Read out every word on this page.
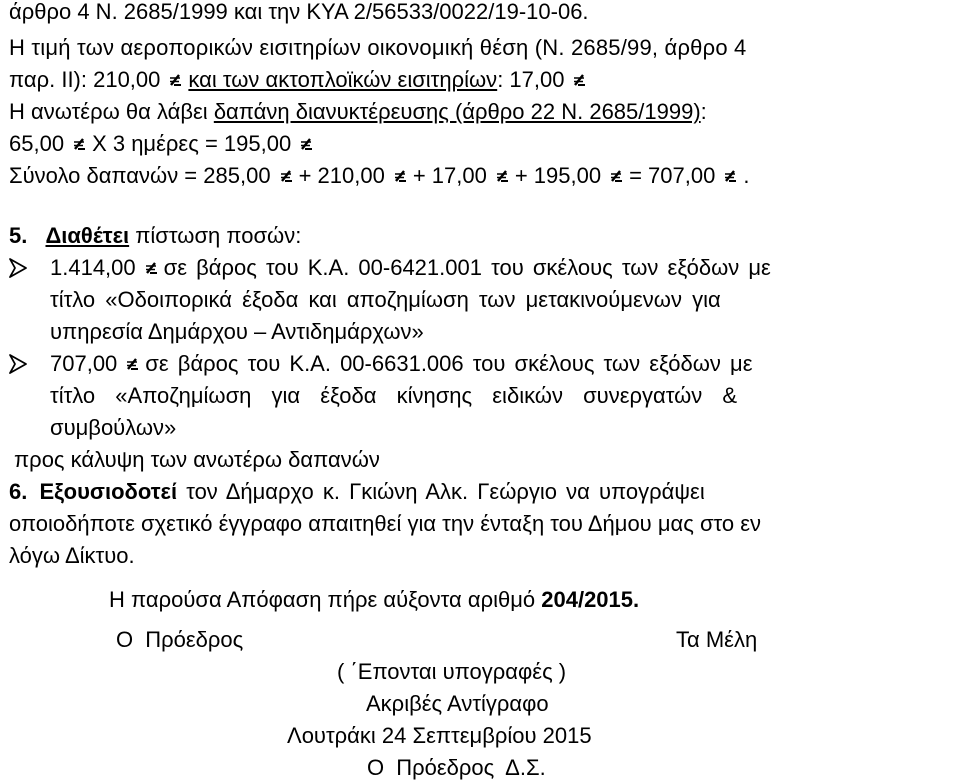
άρθρο 4 Ν. 2685/1999 και την ΚΥΑ 2/56533/0022/19-10-06.
Η τιμή των αεροπορικών εισιτηρίων οικονομική θέση (Ν. 2685/99, άρθρο 4
παρ. ΙΙ): 210,00 και των ακτοπλοϊκών εισιτηρίων: 17,00
Η ανωτέρω θα λάβει δαπάνη διανυκτέρευσης (άρθρο 22 Ν. 2685/1999):
65,00 Χ 3 ημέρες = 195,00
Σύνολο δαπανών = 285,00 + 210,00 + 17,00 + 195,00 = 707,00 .
5. Διαθέτει πίστωση ποσών:
1.414,00 σε βάρος του Κ.Α. 00-6421.001 του σκέλους των εξόδων με
τίτλο «Οδοιπορικά έξοδα και αποζημίωση των μετακινούμενων για
υπηρεσία Δημάρχου – Αντιδημάρχων»
707,00 σε βάρος του Κ.Α. 00-6631.006 του σκέλους των εξόδων με
τίτλο «Αποζημίωση για έξοδα κίνησης ειδικών συνεργατών &
συμβούλων»
προς κάλυψη των ανωτέρω δαπανών
6. Εξουσιοδοτεί τον Δήμαρχο κ. Γκιώνη Αλκ. Γεώργιο να υπογράψει
οποιοδήποτε σχετικό έγγραφο απαιτηθεί για την ένταξη του Δήμου μας στο εν
λόγω Δίκτυο.
Η παρούσα Απόφαση πήρε αύξοντα αριθμό 204/2015.
Ο Πρόεδρος	Τα Μέλη
( ΄Επονται υπογραφές )
Ακριβές Αντίγραφο
Λουτράκι 24 Σεπτεμβρίου 2015
Ο Πρόεδρος Δ.Σ.
